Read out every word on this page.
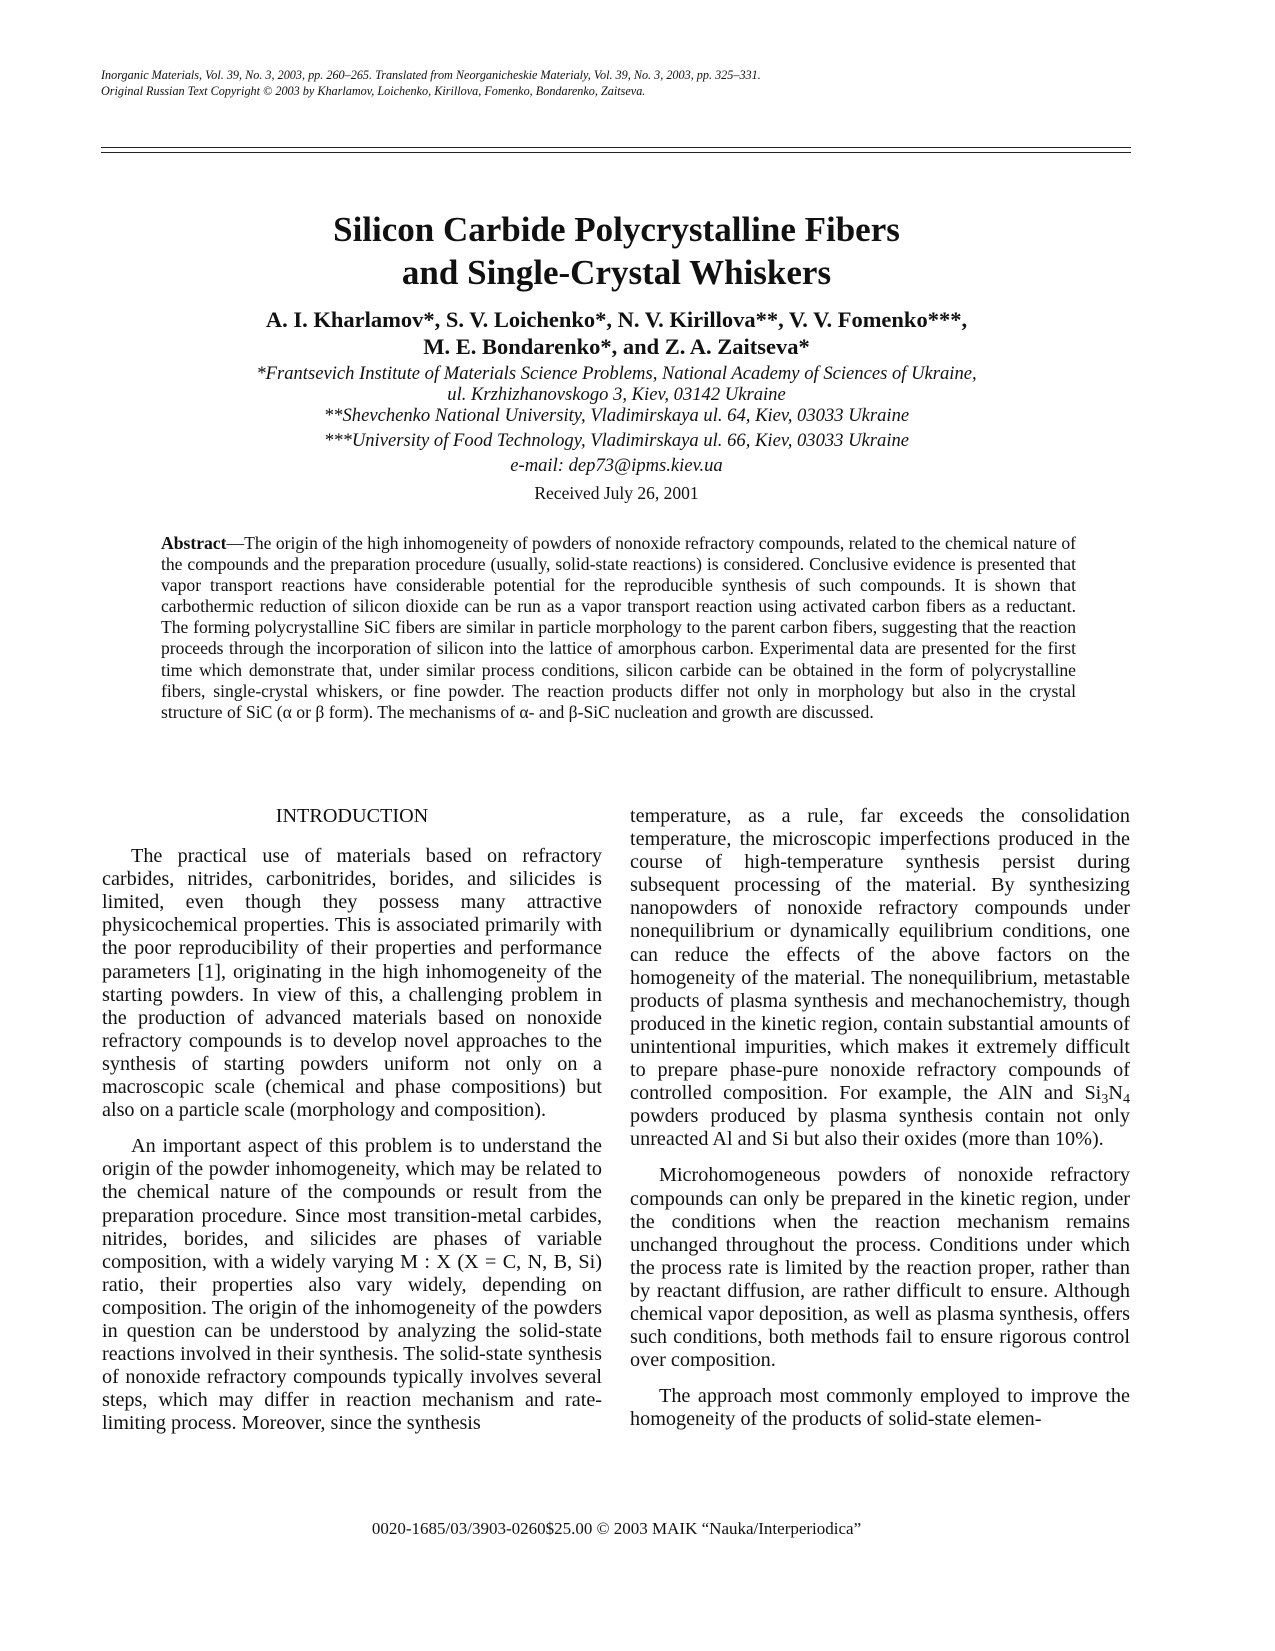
Inorganic Materials, Vol. 39, No. 3, 2003, pp. 260–265. Translated from Neorganicheskie Materialy, Vol. 39, No. 3, 2003, pp. 325–331.
Original Russian Text Copyright © 2003 by Kharlamov, Loichenko, Kirillova, Fomenko, Bondarenko, Zaitseva.
Silicon Carbide Polycrystalline Fibers
and Single-Crystal Whiskers
A. I. Kharlamov*, S. V. Loichenko*, N. V. Kirillova**, V. V. Fomenko***,
M. E. Bondarenko*, and Z. A. Zaitseva*
*Frantsevich Institute of Materials Science Problems, National Academy of Sciences of Ukraine,
ul. Krzhizhanovskogo 3, Kiev, 03142 Ukraine
**Shevchenko National University, Vladimirskaya ul. 64, Kiev, 03033 Ukraine
***University of Food Technology, Vladimirskaya ul. 66, Kiev, 03033 Ukraine
e-mail: dep73@ipms.kiev.ua
Received July 26, 2001
Abstract—The origin of the high inhomogeneity of powders of nonoxide refractory compounds, related to the chemical nature of the compounds and the preparation procedure (usually, solid-state reactions) is considered. Conclusive evidence is presented that vapor transport reactions have considerable potential for the reproducible synthesis of such compounds. It is shown that carbothermic reduction of silicon dioxide can be run as a vapor transport reaction using activated carbon fibers as a reductant. The forming polycrystalline SiC fibers are similar in particle morphology to the parent carbon fibers, suggesting that the reaction proceeds through the incorporation of silicon into the lattice of amorphous carbon. Experimental data are presented for the first time which demonstrate that, under similar process conditions, silicon carbide can be obtained in the form of polycrystalline fibers, single-crystal whiskers, or fine powder. The reaction products differ not only in morphology but also in the crystal structure of SiC (α or β form). The mechanisms of α- and β-SiC nucleation and growth are discussed.
INTRODUCTION

The practical use of materials based on refractory carbides, nitrides, carbonitrides, borides, and silicides is limited, even though they possess many attractive physicochemical properties. This is associated primarily with the poor reproducibility of their properties and performance parameters [1], originating in the high inhomogeneity of the starting powders. In view of this, a challenging problem in the production of advanced materials based on nonoxide refractory compounds is to develop novel approaches to the synthesis of starting powders uniform not only on a macroscopic scale (chemical and phase compositions) but also on a particle scale (morphology and composition).

An important aspect of this problem is to understand the origin of the powder inhomogeneity, which may be related to the chemical nature of the compounds or result from the preparation procedure. Since most transition-metal carbides, nitrides, borides, and silicides are phases of variable composition, with a widely varying M : X (X = C, N, B, Si) ratio, their properties also vary widely, depending on composition. The origin of the inhomogeneity of the powders in question can be understood by analyzing the solid-state reactions involved in their synthesis. The solid-state synthesis of nonoxide refractory compounds typically involves several steps, which may differ in reaction mechanism and rate-limiting process. Moreover, since the synthesis

temperature, as a rule, far exceeds the consolidation temperature, the microscopic imperfections produced in the course of high-temperature synthesis persist during subsequent processing of the material. By synthesizing nanopowders of nonoxide refractory compounds under nonequilibrium or dynamically equilibrium conditions, one can reduce the effects of the above factors on the homogeneity of the material. The nonequilibrium, metastable products of plasma synthesis and mechanochemistry, though produced in the kinetic region, contain substantial amounts of unintentional impurities, which makes it extremely difficult to prepare phase-pure nonoxide refractory compounds of controlled composition. For example, the AlN and $Si_3N_4$ powders produced by plasma synthesis contain not only unreacted Al and Si but also their oxides (more than 10%).

Microhomogeneous powders of nonoxide refractory compounds can only be prepared in the kinetic region, under the conditions when the reaction mechanism remains unchanged throughout the process. Conditions under which the process rate is limited by the reaction proper, rather than by reactant diffusion, are rather difficult to ensure. Although chemical vapor deposition, as well as plasma synthesis, offers such conditions, both methods fail to ensure rigorous control over composition.

The approach most commonly employed to improve the homogeneity of the products of solid-state elemen-

0020-1685/03/3903-0260$25.00 © 2003 MAIK “Nauka/Interperiodica”
